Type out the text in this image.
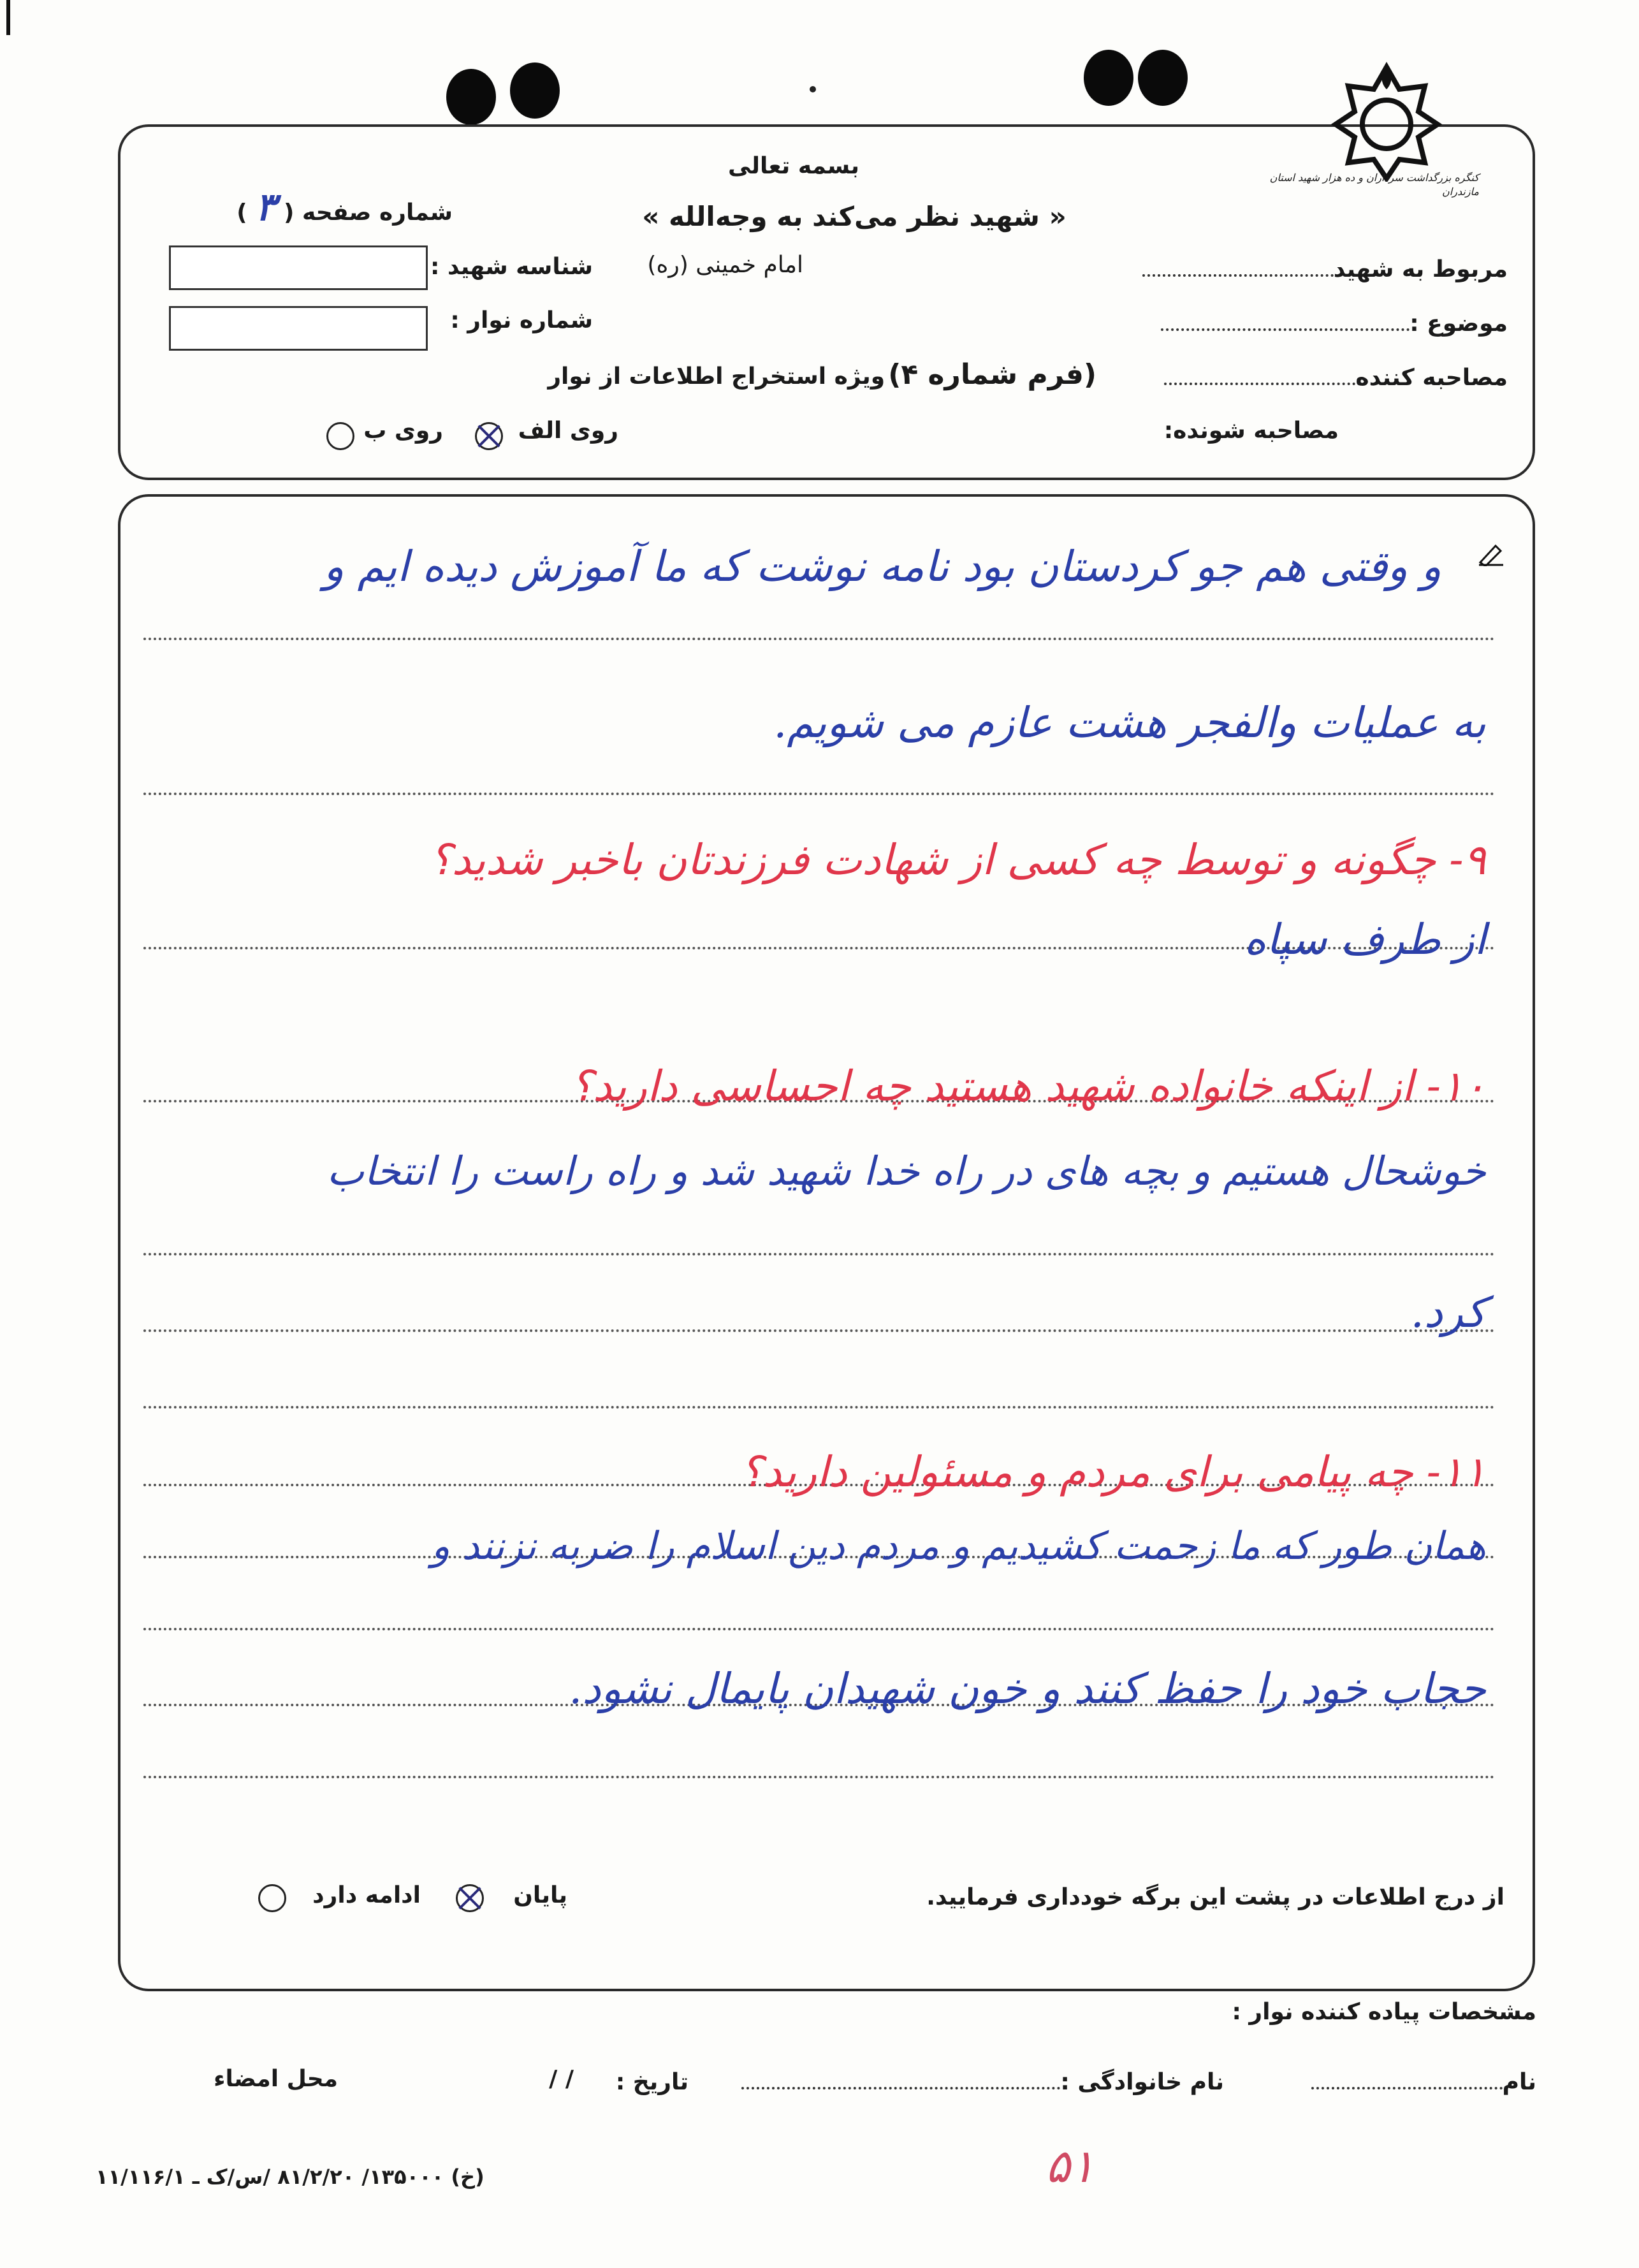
کنگره بزرگداشت سرداران و ده هزار شهید استان مازندران
بسمه تعالی
« شهید نظر می‌کند به وجه‌الله »
شماره صفحه ( ۳ )
شناسه شهید :
شماره نوار :
امام خمینی (ره)	مربوط به شهید
موضوع :
مصاحبه کننده
مصاحبه شونده:
(فرم شماره ۴) ویژه استخراج اطلاعات از نوار
روی الف
روی ب
و وقتی هم جو کردستان بود نامه نوشت که ما آموزش دیده ایم و
به عملیات والفجر هشت عازم می شویم.
۹- چگونه و توسط چه کسی از شهادت فرزندتان باخبر شدید؟
از طرف سپاه
۱۰- از اینکه خانواده شهید هستید چه احساسی دارید؟
خوشحال هستیم و بچه های در راه خدا شهید شد و راه راست را انتخاب
کرد.
۱۱- چه پیامی برای مردم و مسئولین دارید؟
همان طور که ما زحمت کشیدیم و مردم دین اسلام را ضربه نزنند و
حجاب خود را حفظ کنند و خون شهیدان پایمال نشود.
از درج اطلاعات در پشت این برگه خودداری فرمایید.
پایان
ادامه دارد
مشخصات پیاده کننده نوار :
نام
نام خانوادگی :
تاریخ :
/ /
محل امضاء
(خ) ۱۳۵۰۰۰/ ۸۱/۲/۲۰ /س/ک ـ ۱۱/۱۱۶/۱	۵۱
